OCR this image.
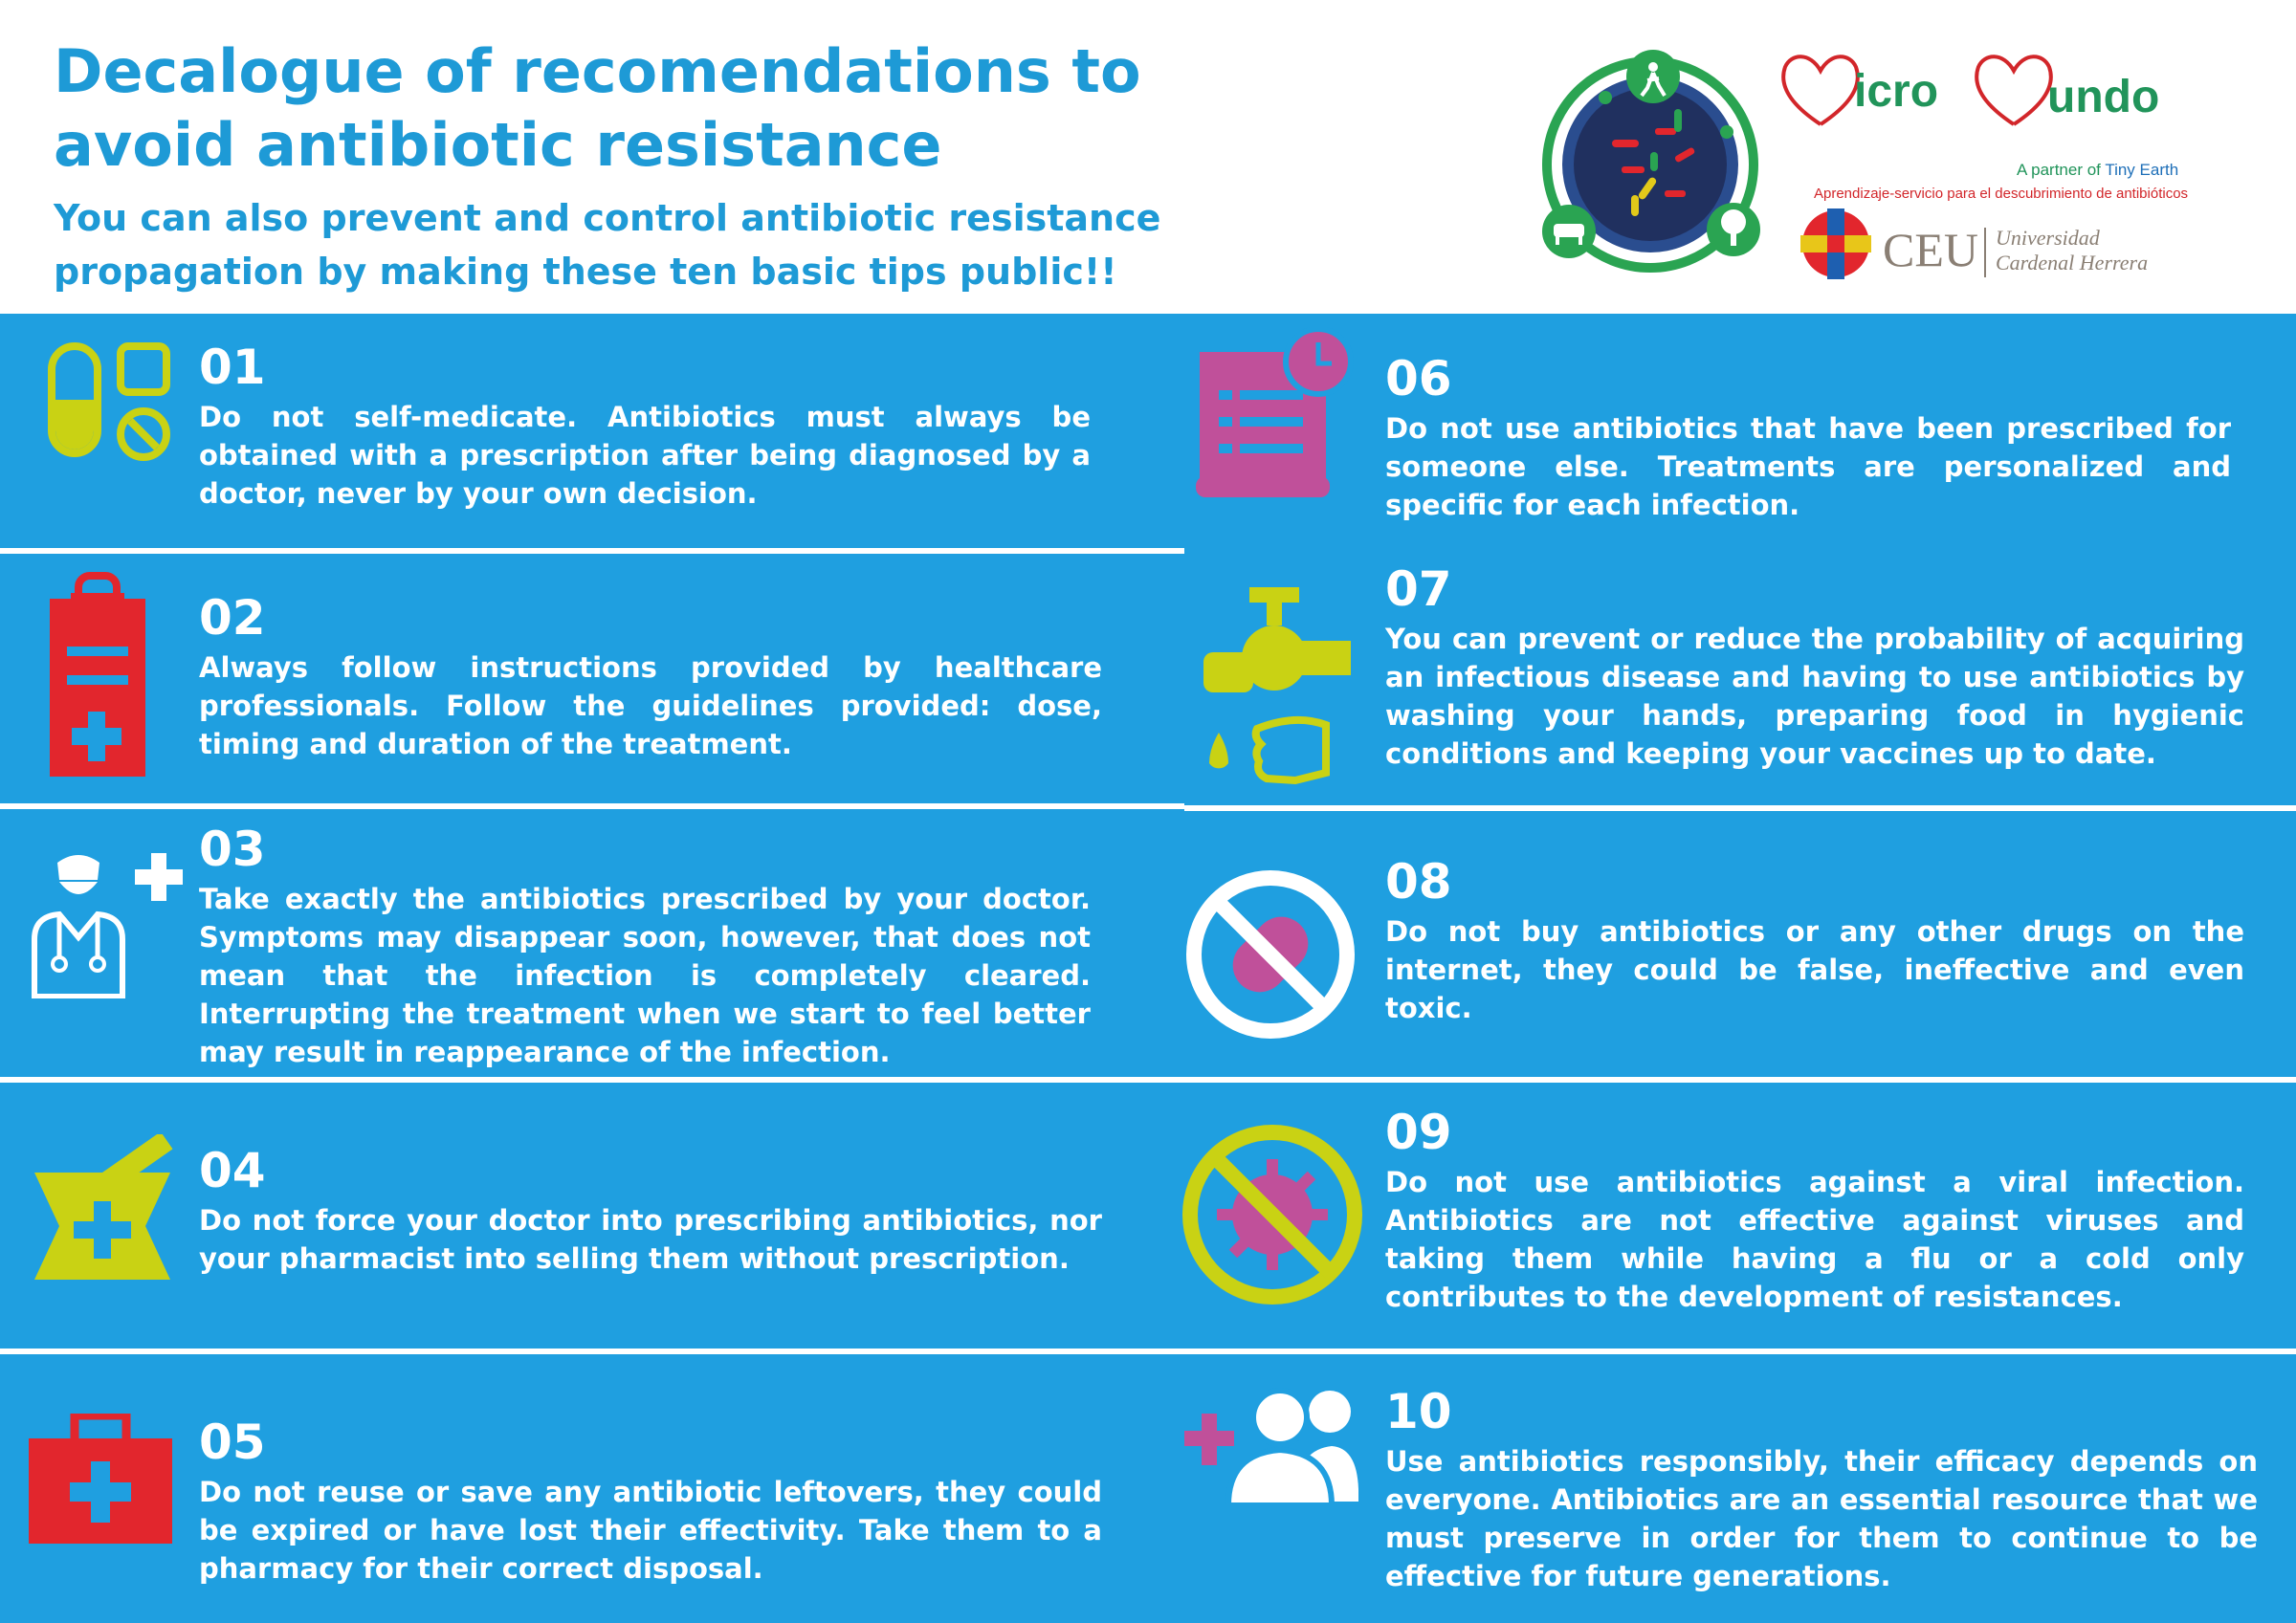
Decalogue of recomendations to
avoid antibiotic resistance

You can also prevent and control antibiotic resistance
propagation by making these ten basic tips public!!

icro undo
A partner of Tiny Earth
Aprendizaje-servicio para el descubrimiento de antibióticos
CEU Universidad
Cardenal Herrera

01

Do not self-medicate. Antibiotics must always be obtained with a prescription after being diagnosed by a doctor, never by your own decision.

02

Always follow instructions provided by healthcare professionals. Follow the guidelines provided: dose, timing and duration of the treatment.

03

Take exactly the antibiotics prescribed by your doctor. Symptoms may disappear soon, however, that does not mean that the infection is completely cleared. Interrupting the treatment when we start to feel better may result in reappearance of the infection.

04

Do not force your doctor into prescribing antibiotics, nor your pharmacist into selling them without prescription.

05

Do not reuse or save any antibiotic leftovers, they could be expired or have lost their effectivity. Take them to a pharmacy for their correct disposal.

06

Do not use antibiotics that have been prescribed for someone else. Treatments are personalized and specific for each infection.

07

You can prevent or reduce the probability of acquiring an infectious disease and having to use antibiotics by washing your hands, preparing food in hygienic conditions and keeping your vaccines up to date.

08

Do not buy antibiotics or any other drugs on the internet, they could be false, ineffective and even toxic.

09

Do not use antibiotics against a viral infection. Antibiotics are not effective against viruses and taking them while having a flu or a cold only contributes to the development of resistances.

10

Use antibiotics responsibly, their efficacy depends on everyone. Antibiotics are an essential resource that we must preserve in order for them to continue to be effective for future generations.
